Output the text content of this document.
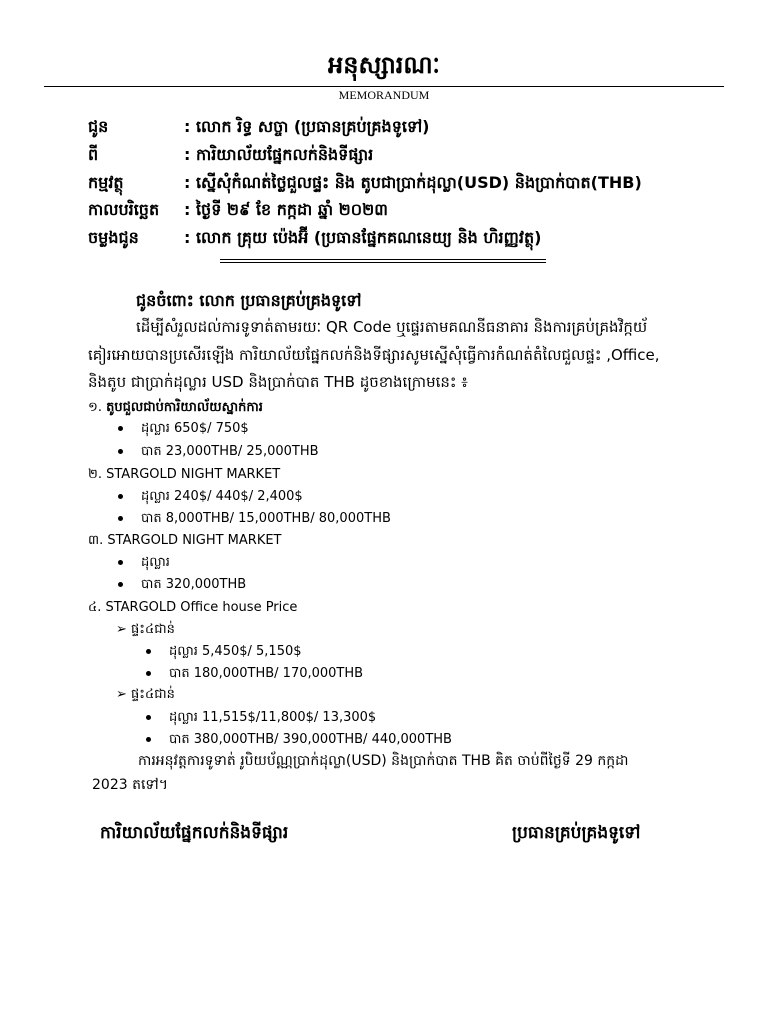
អនុស្សារណៈ
MEMORANDUM
ជូន	: លោក រិទ្ធ សច្ចា (ប្រធានគ្រប់គ្រងទូទៅ)
ពី	: ការិយាល័យផ្នែកលក់និងទីផ្សារ
កម្មវត្ថុ	: ស្នើសុំកំណត់ថ្លៃជួលផ្ទះ និង តូបជាប្រាក់ដុល្លា(USD) និងប្រាក់បាត(THB)
កាលបរិច្ឆេត : ថ្ងៃទី ២៩ ខែ កក្កដា ឆ្នាំ ២០២៣
ចម្លងជូន	: លោក គ្រុយ ប៉េងអ៊ី (ប្រធានផ្នែកគណនេយ្យ និង ហិរញ្ញវត្ថុ)
ជូនចំពោះ លោក ប្រធានគ្រប់គ្រងទូទៅ
ដើម្បីសំរួលដល់ការទូទាត់តាមរយៈ QR Code ឬផ្ទេរតាមគណនីធនាគារ និងការគ្រប់គ្រងវិក្កយ័
គៀរអោយបានប្រសើរឡើង ការិយាល័យផ្នែកលក់និងទីផ្សារសូមស្នើសុំធ្វើការកំណត់តំលៃជួលផ្ទះ ,Office,
និងតូប ជាប្រាក់ដុល្លារ USD និងប្រាក់បាត THB ដូចខាងក្រោមនេះ ៖
១. តូបជួលជាប់ការិយាល័យស្នាក់ការ
ដុល្លារ 650$/ 750$
បាត 23,000THB/ 25,000THB
២. STARGOLD NIGHT MARKET
ដុល្លារ 240$/ 440$/ 2,400$
បាត 8,000THB/ 15,000THB/ 80,000THB
៣. STARGOLD NIGHT MARKET
ដុល្លារ
បាត 320,000THB
៤. STARGOLD Office house Price
➢ ផ្ទះ៤ជាន់
ដុល្លារ 5,450$/ 5,150$
បាត 180,000THB/ 170,000THB
➢ ផ្ទះ៤ជាន់
ដុល្លារ 11,515$/11,800$/ 13,300$
បាត 380,000THB/ 390,000THB/ 440,000THB
ការអនុវត្តការទូទាត់ រូបិយប័ណ្ណប្រាក់ដុល្លា(USD) និងប្រាក់បាត THB គិត ចាប់ពីថ្ងៃទី 29 កក្កដា
2023 តទៅ។
ការិយាល័យផ្នែកលក់និងទីផ្សារ	ប្រធានគ្រប់គ្រងទូទៅ
